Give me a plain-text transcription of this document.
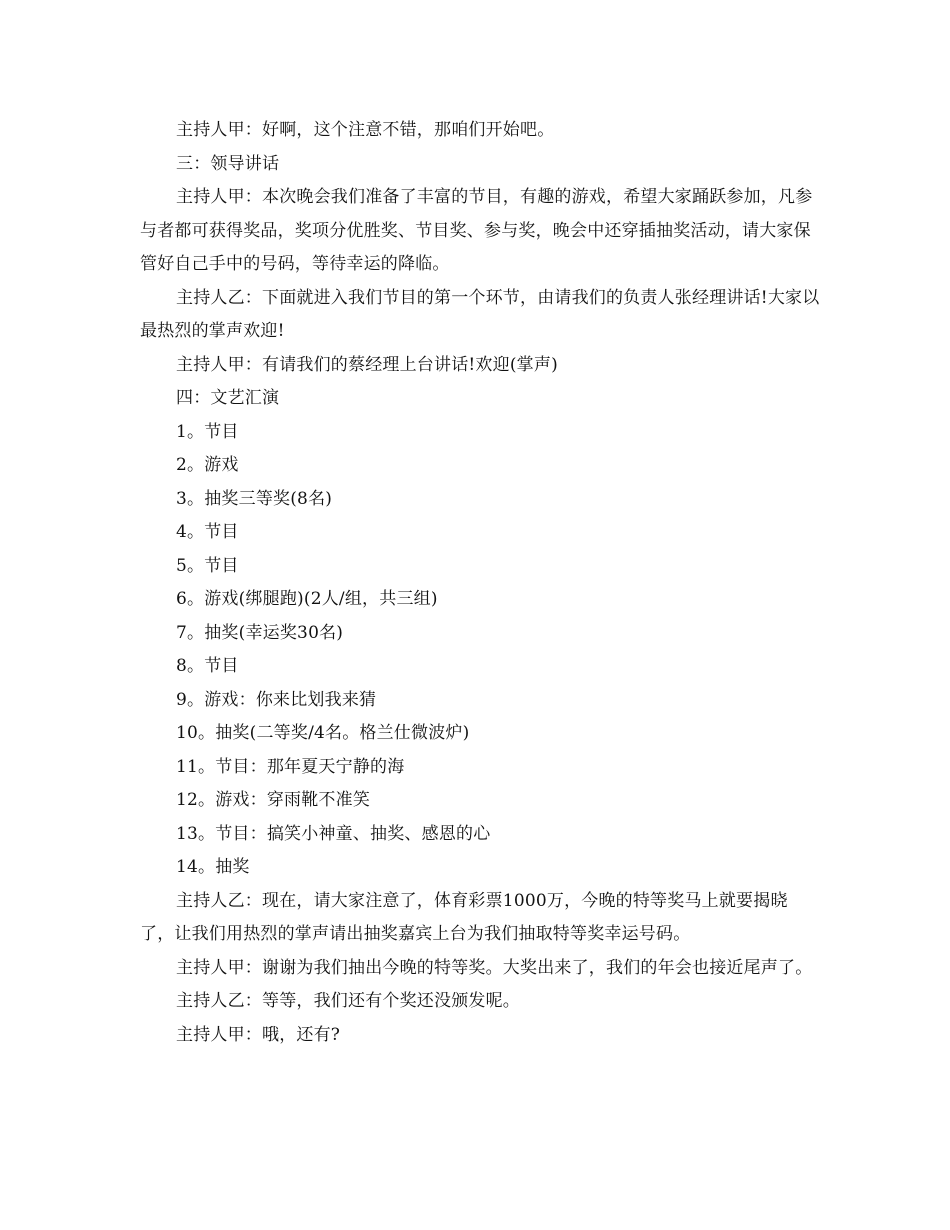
主持人甲：好啊，这个注意不错，那咱们开始吧。

三：领导讲话

主持人甲：本次晚会我们准备了丰富的节目，有趣的游戏，希望大家踊跃参加，凡参与者都可获得奖品，奖项分优胜奖、节目奖、参与奖，晚会中还穿插抽奖活动，请大家保管好自己手中的号码，等待幸运的降临。

主持人乙：下面就进入我们节目的第一个环节，由请我们的负责人张经理讲话!大家以最热烈的掌声欢迎!

主持人甲：有请我们的蔡经理上台讲话!欢迎(掌声)

四：文艺汇演

1。节目

2。游戏

3。抽奖三等奖(8名)

4。节目

5。节目

6。游戏(绑腿跑)(2人/组，共三组)

7。抽奖(幸运奖30名)

8。节目

9。游戏：你来比划我来猜

10。抽奖(二等奖/4名。格兰仕微波炉)

11。节目：那年夏天宁静的海

12。游戏：穿雨靴不准笑

13。节目：搞笑小神童、抽奖、感恩的心

14。抽奖

主持人乙：现在，请大家注意了，体育彩票1000万，今晚的特等奖马上就要揭晓了，让我们用热烈的掌声请出抽奖嘉宾上台为我们抽取特等奖幸运号码。

主持人甲：谢谢为我们抽出今晚的特等奖。大奖出来了，我们的年会也接近尾声了。

主持人乙：等等，我们还有个奖还没颁发呢。

主持人甲：哦，还有?
